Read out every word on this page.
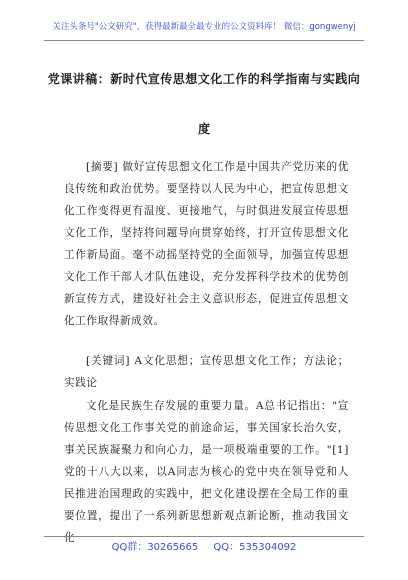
关注头条号"公文研究"，获得最新最全最专业的公文资料库！ 微信：gongwenyj
党课讲稿：新时代宣传思想文化工作的科学指南与实践向
度
[摘要] 做好宣传思想文化工作是中国共产党历来的优良传统和政治优势。要坚持以人民为中心，把宣传思想文化工作变得更有温度、更接地气，与时俱进发展宣传思想文化工作，坚持将问题导向贯穿始终，打开宣传思想文化工作新局面。毫不动摇坚持党的全面领导，加强宣传思想文化工作干部人才队伍建设，充分发挥科学技术的优势创新宣传方式，建设好社会主义意识形态，促进宣传思想文化工作取得新成效。
[关键词] A文化思想；宣传思想文化工作；方法论；实践论
文化是民族生存发展的重要力量。A总书记指出："宣传思想文化工作事关党的前途命运，事关国家长治久安，事关民族凝聚力和向心力，是一项极端重要的工作。"[1]党的十八大以来，以A同志为核心的党中央在领导党和人民推进治国理政的实践中，把文化建设摆在全局工作的重要位置，提出了一系列新思想新观点新论断，推动我国文化
QQ群：30265665 QQ：535304092
